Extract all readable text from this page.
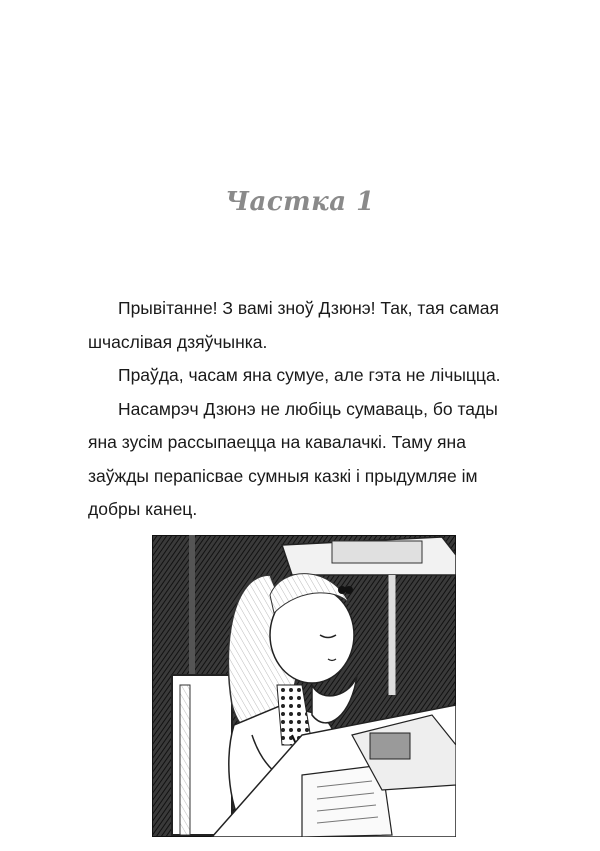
Частка 1

Прывітанне! З вамі зноў Дзюнэ! Так, тая самая шчаслівая дзяўчынка.

Праўда, часам яна сумуе, але гэта не лічыцца.

Насамрэч Дзюнэ не любіць сумаваць, бо тады яна зусім рассыпаецца на кавалачкі. Таму яна заўжды перапісвае сумныя казкі і прыдумляе ім добры канец.
